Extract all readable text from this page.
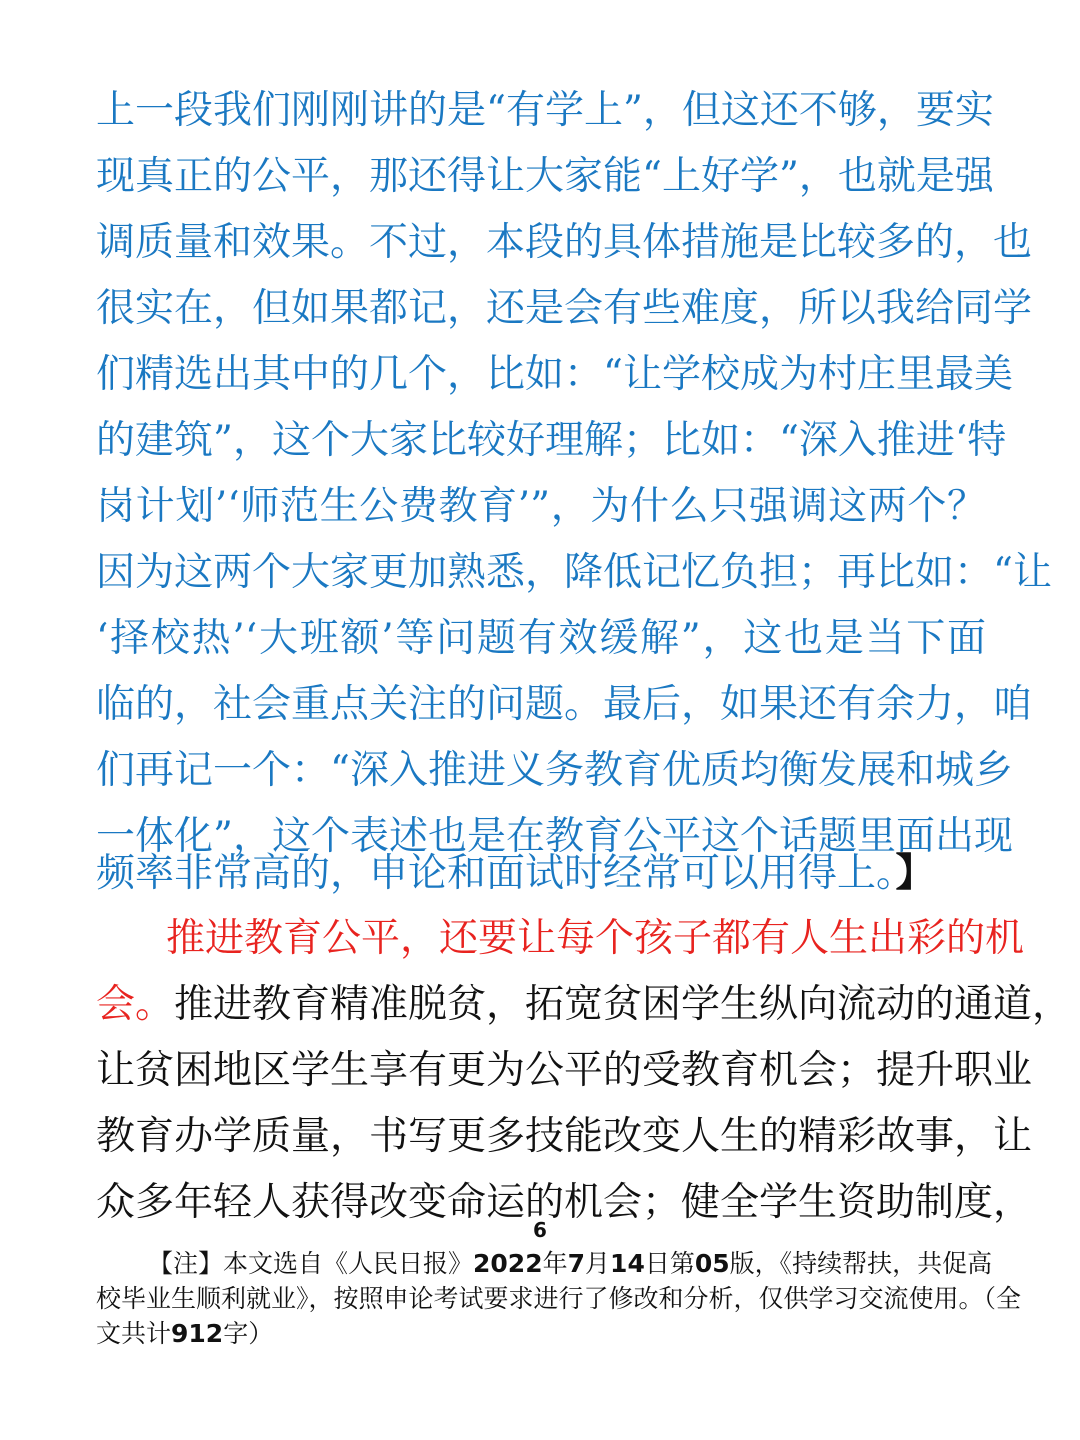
上一段我们刚刚讲的是“有学上”，但这还不够，要实
现真正的公平，那还得让大家能“上好学”，也就是强
调质量和效果。不过，本段的具体措施是比较多的，也
很实在，但如果都记，还是会有些难度，所以我给同学
们精选出其中的几个，比如：“让学校成为村庄里最美
的建筑”，这个大家比较好理解；比如：“深入推进‘特
岗计划’‘师范生公费教育’”，为什么只强调这两个？
因为这两个大家更加熟悉，降低记忆负担；再比如：“让
‘择校热’‘大班额’等问题有效缓解”，这也是当下面
临的，社会重点关注的问题。最后，如果还有余力，咱
们再记一个：“深入推进义务教育优质均衡发展和城乡
一体化”，这个表述也是在教育公平这个话题里面出现
频率非常高的，申论和面试时经常可以用得上。】
推进教育公平，还要让每个孩子都有人生出彩的机
会。推进教育精准脱贫，拓宽贫困学生纵向流动的通道，
让贫困地区学生享有更为公平的受教育机会；提升职业
教育办学质量，书写更多技能改变人生的精彩故事，让
众多年轻人获得改变命运的机会；健全学生资助制度，
6
【注】本文选自《人民日报》2022年7月14日第05版，《持续帮扶，共促高
校毕业生顺利就业》，按照申论考试要求进行了修改和分析，仅供学习交流使用。（全
文共计912字）
